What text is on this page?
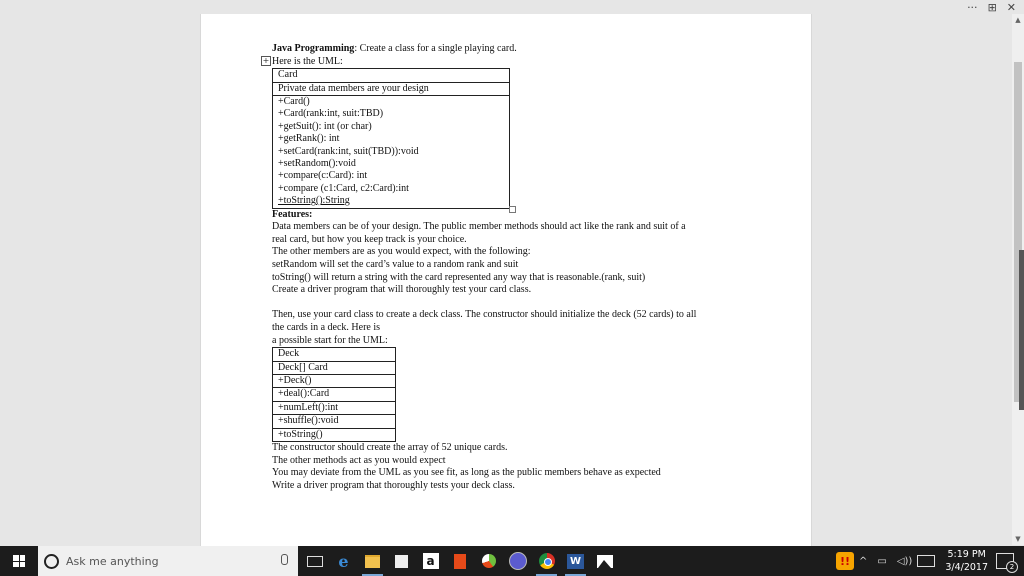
··· ⊞ ✕

Java Programming: Create a class for a single playing card.

+ Here is the UML:

Card
Private data members are your design

+Card()
+Card(rank:int, suit:TBD)
+getSuit(): int (or char)
+getRank(): int
+setCard(rank:int, suit(TBD)):void
+setRandom():void
+compare(c:Card): int
+compare (c1:Card, c2:Card):int
+toString():String

Features:

Data members can be of your design. The public member methods should act like the rank and suit of a

real card, but how you keep track is your choice.

The other members are as you would expect, with the following:

setRandom will set the card’s value to a random rank and suit

toString() will return a string with the card represented any way that is reasonable.(rank, suit)

Create a driver program that will thoroughly test your card class.

Then, use your card class to create a deck class. The constructor should initialize the deck (52 cards) to all

the cards in a deck. Here is

a possible start for the UML:

Deck
Deck[] Card
+Deck()
+deal():Card
+numLeft():int
+shuffle():void
+toString()

The constructor should create the array of 52 unique cards.

The other methods act as you would expect

You may deviate from the UML as you see fit, as long as the public members behave as expected

Write a driver program that thoroughly tests your deck class.

▲
▼
Ask me anything	e	a	W	!! ^ ▭ ◁))
5:19 PM
3/4/2017	2
